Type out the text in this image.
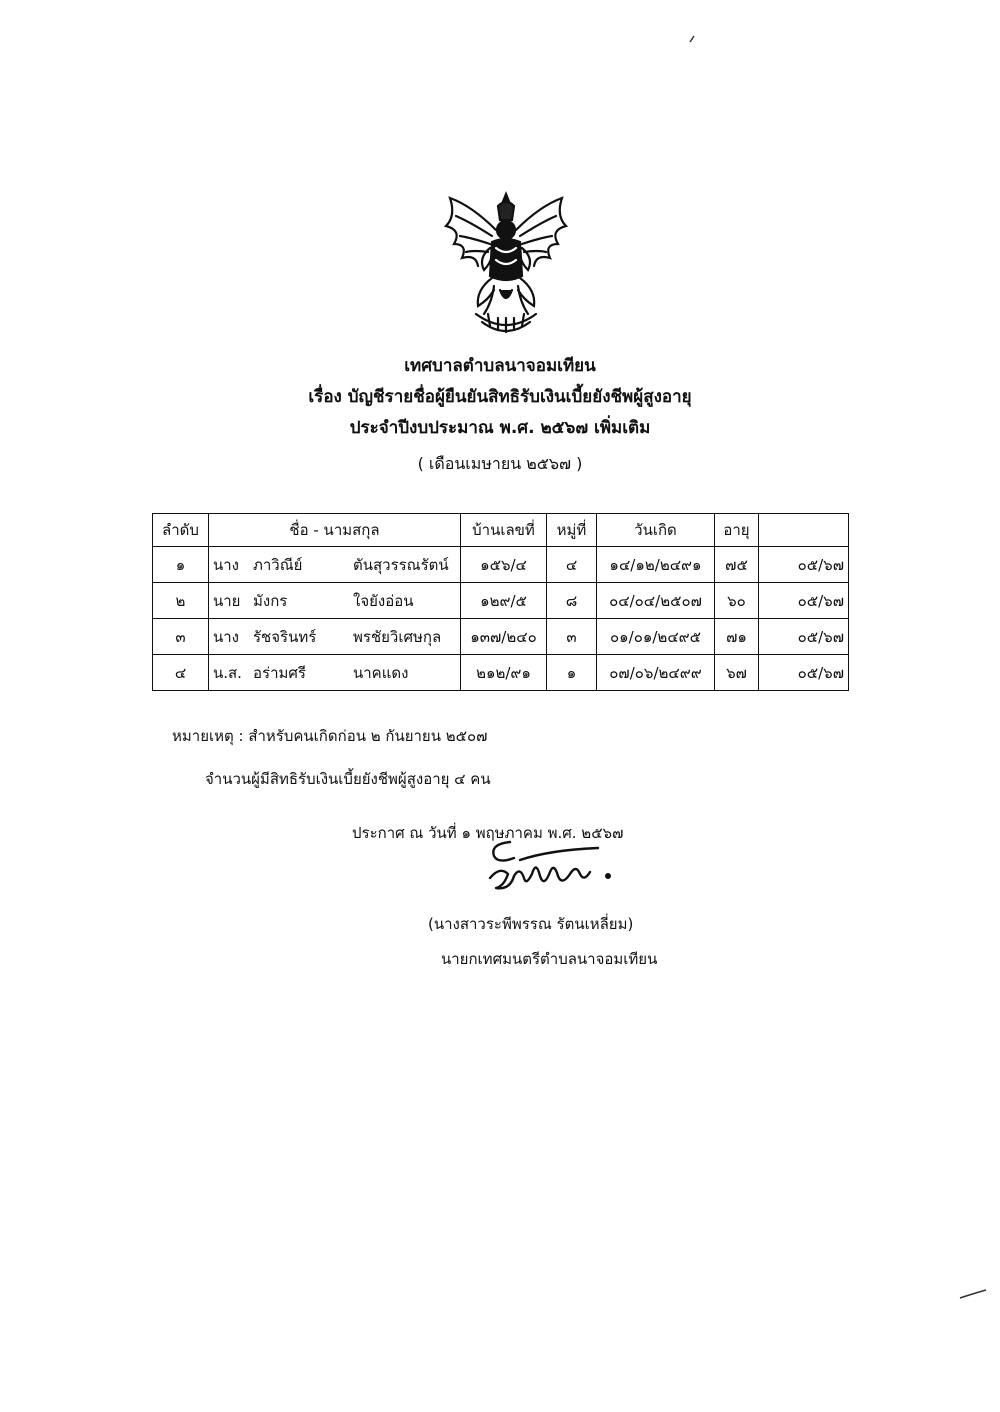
เทศบาลตำบลนาจอมเทียน
เรื่อง บัญชีรายชื่อผู้ยืนยันสิทธิรับเงินเบี้ยยังชีพผู้สูงอายุ
ประจำปีงบประมาณ พ.ศ. ๒๕๖๗ เพิ่มเติม
( เดือนเมษายน ๒๕๖๗ )
ลำดับ	ชื่อ - นามสกุล	บ้านเลขที่	หมู่ที่	วันเกิด	อายุ	
๑	นาง ภาวิณีย์ ตันสุวรรณรัตน์	๑๕๖/๔	๔	๑๔/๑๒/๒๔๙๑	๗๕	๐๕/๖๗
๒	นาย มังกร ใจยังอ่อน	๑๒๙/๕	๘	๐๔/๐๔/๒๕๐๗	๖๐	๐๕/๖๗
๓	นาง รัชจรินทร์ พรชัยวิเศษกุล	๑๓๗/๒๔๐	๓	๐๑/๐๑/๒๔๙๕	๗๑	๐๕/๖๗
๔	น.ส. อร่ามศรี นาคแดง	๒๑๒/๙๑	๑	๐๗/๐๖/๒๔๙๙	๖๗	๐๕/๖๗
หมายเหตุ : สำหรับคนเกิดก่อน ๒ กันยายน ๒๕๐๗
จำนวนผู้มีสิทธิรับเงินเบี้ยยังชีพผู้สูงอายุ ๔ คน
ประกาศ ณ วันที่ ๑ พฤษภาคม พ.ศ. ๒๕๖๗
(นางสาวระพีพรรณ รัตนเหลี่ยม)
นายกเทศมนตรีตำบลนาจอมเทียน
